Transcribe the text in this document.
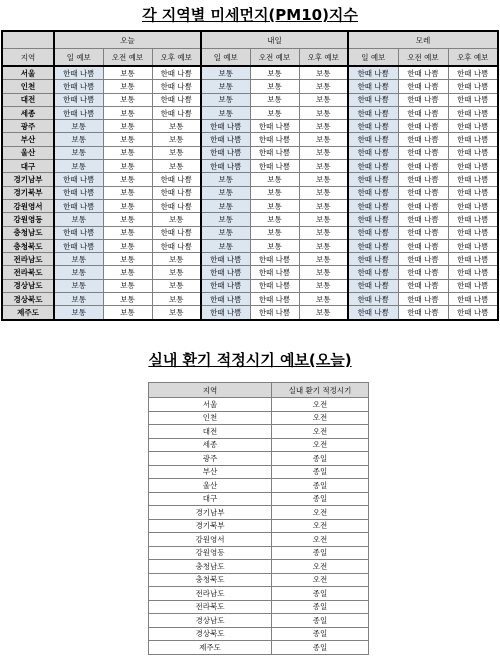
각 지역별 미세먼지(PM10)지수
	오늘			내일			모레		
지역	일 예보	오전 예보	오후 예보	일 예보	오전 예보	오후 예보	일 예보	오전 예보	오후 예보
서울	한때 나쁨	보통	한때 나쁨	보통	보통	보통	한때 나쁨	한때 나쁨	한때 나쁨
인천	한때 나쁨	보통	한때 나쁨	보통	보통	보통	한때 나쁨	한때 나쁨	한때 나쁨
대전	한때 나쁨	보통	한때 나쁨	보통	보통	보통	한때 나쁨	한때 나쁨	한때 나쁨
세종	한때 나쁨	보통	한때 나쁨	보통	보통	보통	한때 나쁨	한때 나쁨	한때 나쁨
광주	보통	보통	보통	한때 나쁨	한때 나쁨	보통	한때 나쁨	한때 나쁨	한때 나쁨
부산	보통	보통	보통	한때 나쁨	한때 나쁨	보통	한때 나쁨	한때 나쁨	한때 나쁨
울산	보통	보통	보통	한때 나쁨	한때 나쁨	보통	한때 나쁨	한때 나쁨	한때 나쁨
대구	보통	보통	보통	한때 나쁨	한때 나쁨	보통	한때 나쁨	한때 나쁨	한때 나쁨
경기남부	한때 나쁨	보통	한때 나쁨	보통	보통	보통	한때 나쁨	한때 나쁨	한때 나쁨
경기북부	한때 나쁨	보통	한때 나쁨	보통	보통	보통	한때 나쁨	한때 나쁨	한때 나쁨
강원영서	한때 나쁨	보통	한때 나쁨	보통	보통	보통	한때 나쁨	한때 나쁨	한때 나쁨
강원영동	보통	보통	보통	보통	보통	보통	한때 나쁨	한때 나쁨	한때 나쁨
충청남도	한때 나쁨	보통	한때 나쁨	보통	보통	보통	한때 나쁨	한때 나쁨	한때 나쁨
충청북도	한때 나쁨	보통	한때 나쁨	보통	보통	보통	한때 나쁨	한때 나쁨	한때 나쁨
전라남도	보통	보통	보통	한때 나쁨	한때 나쁨	보통	한때 나쁨	한때 나쁨	한때 나쁨
전라북도	보통	보통	보통	한때 나쁨	한때 나쁨	보통	한때 나쁨	한때 나쁨	한때 나쁨
경상남도	보통	보통	보통	한때 나쁨	한때 나쁨	보통	한때 나쁨	한때 나쁨	한때 나쁨
경상북도	보통	보통	보통	한때 나쁨	한때 나쁨	보통	한때 나쁨	한때 나쁨	한때 나쁨
제주도	보통	보통	보통	한때 나쁨	한때 나쁨	보통	한때 나쁨	한때 나쁨	한때 나쁨
실내 환기 적정시기 예보(오늘)
지역	실내 환기 적정시기
서울	오전
인천	오전
대전	오전
세종	오전
광주	종일
부산	종일
울산	종일
대구	종일
경기남부	오전
경기북부	오전
강원영서	오전
강원영동	종일
충청남도	오전
충청북도	오전
전라남도	종일
전라북도	종일
경상남도	종일
경상북도	종일
제주도	종일
